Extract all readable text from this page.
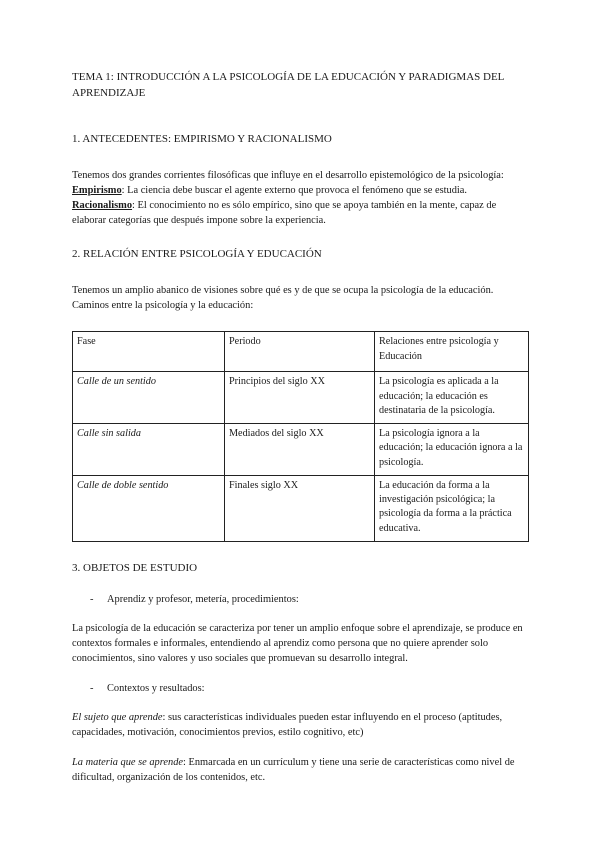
TEMA 1: INTRODUCCIÓN A LA PSICOLOGÍA DE LA EDUCACIÓN Y PARADIGMAS DEL APRENDIZAJE

1. ANTECEDENTES: EMPIRISMO Y RACIONALISMO

Tenemos dos grandes corrientes filosóficas que influye en el desarrollo epistemológico de la psicología:

Empirismo: La ciencia debe buscar el agente externo que provoca el fenómeno que se estudia.

Racionalismo: El conocimiento no es sólo empírico, sino que se apoya también en la mente, capaz de elaborar categorías que después impone sobre la experiencia.

2. RELACIÓN ENTRE PSICOLOGÍA Y EDUCACIÓN

Tenemos un amplio abanico de visiones sobre qué es y de que se ocupa la psicología de la educación.

Caminos entre la psicología y la educación:

Fase	Periodo	Relaciones entre psicología y Educación
Calle de un sentido	Principios del siglo XX	La psicología es aplicada a la educación; la educación es destinataria de la psicología.
Calle sin salida	Mediados del siglo XX	La psicología ignora a la educación; la educación ignora a la psicología.
Calle de doble sentido	Finales siglo XX	La educación da forma a la investigación psicológica; la psicología da forma a la práctica educativa.

3. OBJETOS DE ESTUDIO

-	Aprendiz y profesor, metería, procedimientos:

La psicología de la educación se caracteriza por tener un amplio enfoque sobre el aprendizaje, se produce en contextos formales e informales, entendiendo al aprendiz como persona que no quiere aprender solo conocimientos, sino valores y uso sociales que promuevan su desarrollo integral.

-	Contextos y resultados:

El sujeto que aprende: sus características individuales pueden estar influyendo en el proceso (aptitudes, capacidades, motivación, conocimientos previos, estilo cognitivo, etc)

La materia que se aprende: Enmarcada en un currículum y tiene una serie de características como nivel de dificultad, organización de los contenidos, etc.
